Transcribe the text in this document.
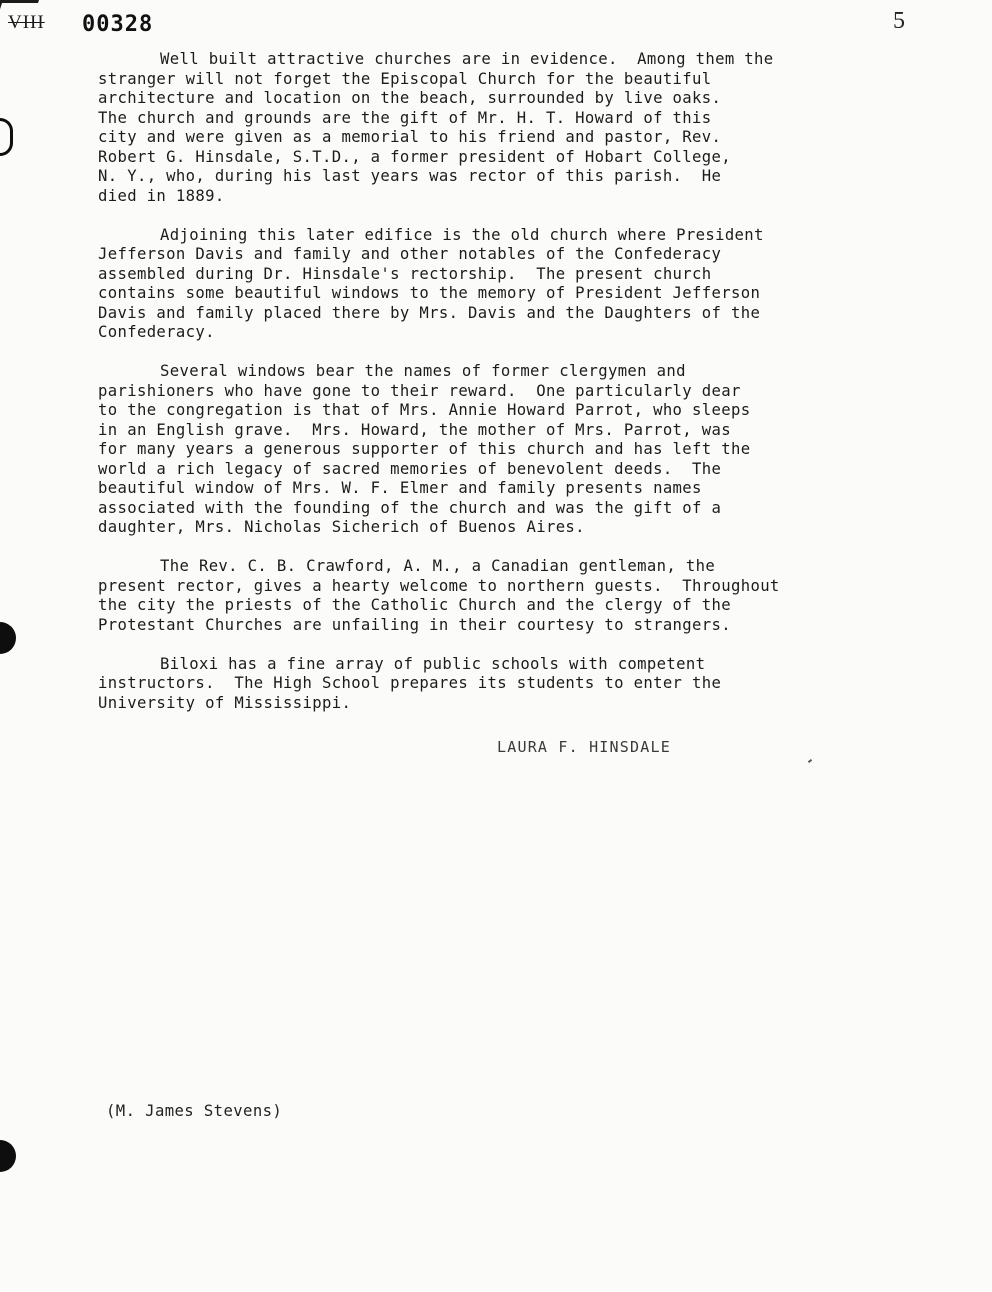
VIII 00328	5
Well built attractive churches are in evidence.  Among them the
stranger will not forget the Episcopal Church for the beautiful
architecture and location on the beach, surrounded by live oaks.
The church and grounds are the gift of Mr. H. T. Howard of this
city and were given as a memorial to his friend and pastor, Rev.
Robert G. Hinsdale, S.T.D., a former president of Hobart College,
N. Y., who, during his last years was rector of this parish.  He
died in 1889.
Adjoining this later edifice is the old church where President
Jefferson Davis and family and other notables of the Confederacy
assembled during Dr. Hinsdale's rectorship.  The present church
contains some beautiful windows to the memory of President Jefferson
Davis and family placed there by Mrs. Davis and the Daughters of the
Confederacy.
Several windows bear the names of former clergymen and
parishioners who have gone to their reward.  One particularly dear
to the congregation is that of Mrs. Annie Howard Parrot, who sleeps
in an English grave.  Mrs. Howard, the mother of Mrs. Parrot, was
for many years a generous supporter of this church and has left the
world a rich legacy of sacred memories of benevolent deeds.  The
beautiful window of Mrs. W. F. Elmer and family presents names
associated with the founding of the church and was the gift of a
daughter, Mrs. Nicholas Sicherich of Buenos Aires.
The Rev. C. B. Crawford, A. M., a Canadian gentleman, the
present rector, gives a hearty welcome to northern guests.  Throughout
the city the priests of the Catholic Church and the clergy of the
Protestant Churches are unfailing in their courtesy to strangers.
Biloxi has a fine array of public schools with competent
instructors.  The High School prepares its students to enter the
University of Mississippi.
LAURA F. HINSDALE
(M. James Stevens)
